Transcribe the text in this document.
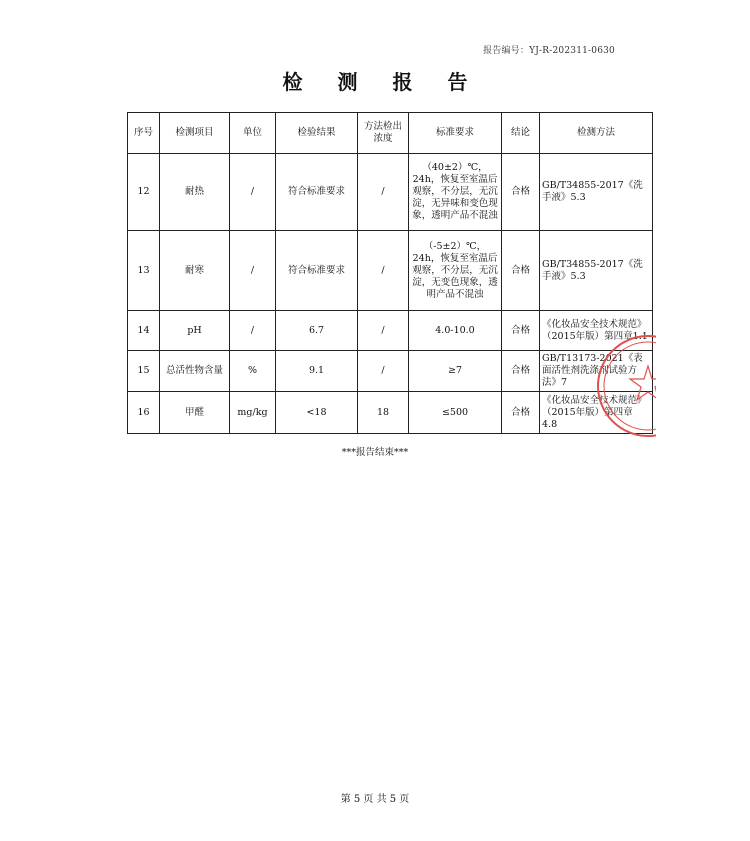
报告编号：YJ-R-202311-0630
检 测 报 告
序号	检测项目	单位	检验结果	方法检出浓度	标准要求	结论	检测方法
12	耐热	/	符合标准要求	/	（40±2）℃，24h，恢复至室温后观察，不分层，无沉淀，无异味和变色现象，透明产品不混浊	合格	GB/T34855-2017《洗手液》5.3
13	耐寒	/	符合标准要求	/	（-5±2）℃，24h，恢复至室温后观察，不分层，无沉淀，无变色现象，透明产品不混浊	合格	GB/T34855-2017《洗手液》5.3
14	pH	/	6.7	/	4.0-10.0	合格	《化妆品安全技术规范》（2015年版）第四章1.1
15	总活性物含量	%	9.1	/	≥7	合格	GB/T13173-2021《表面活性剂洗涤剂试验方法》7
16	甲醛	mg/kg	<18	18	≤500	合格	《化妆品安全技术规范》（2015年版）第四章 4.8
***报告结束***
第 5 页 共 5 页
